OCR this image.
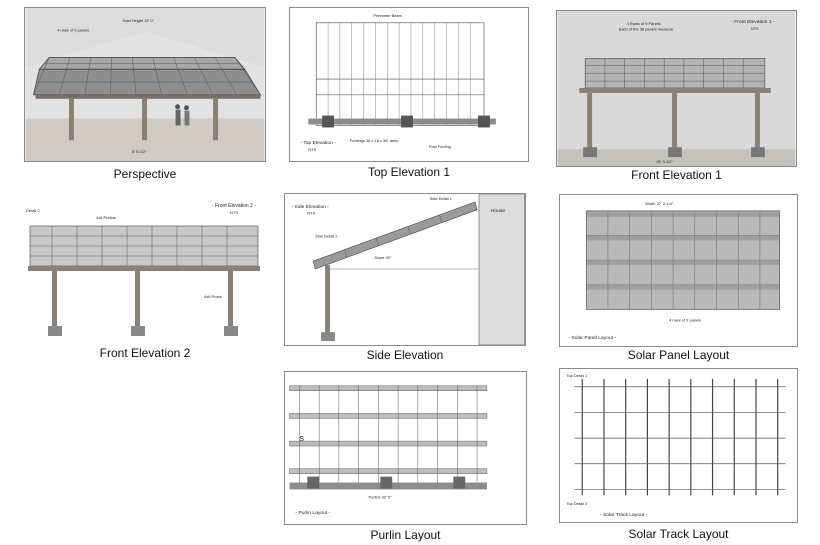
4 rows of 9 panels
Total Height 19' 0"
6' 5-1/2"
Perspective
Perimeter Beam
Footings 18 x 18 x 36" deep
- Top Elevation -
NTS
Post Footing
Top Elevation 1
4 Rows of 9 Panels
Each of the 36 panels measure
- Front Elevation 1 -
NTS
25' 3-1/2"
Front Elevation 1
Detail 2
4x6 Purlins
- Front Elevation 2 -
NTS
4x6 Posts
Front Elevation 2
House
- Side Elevation -
NTS
Side Detail 1
Side Detail 2
Slope 30°
Side Elevation
Width 27' 2-1/4"
4 rows of 9 panels
- Solar Panel Layout -
Solar Panel Layout
S
Purlins 32' 0"
- Purlin Layout -
Purlin Layout
Top Detail 1
Top Detail 2
- Solar Track Layout -
Solar Track Layout
